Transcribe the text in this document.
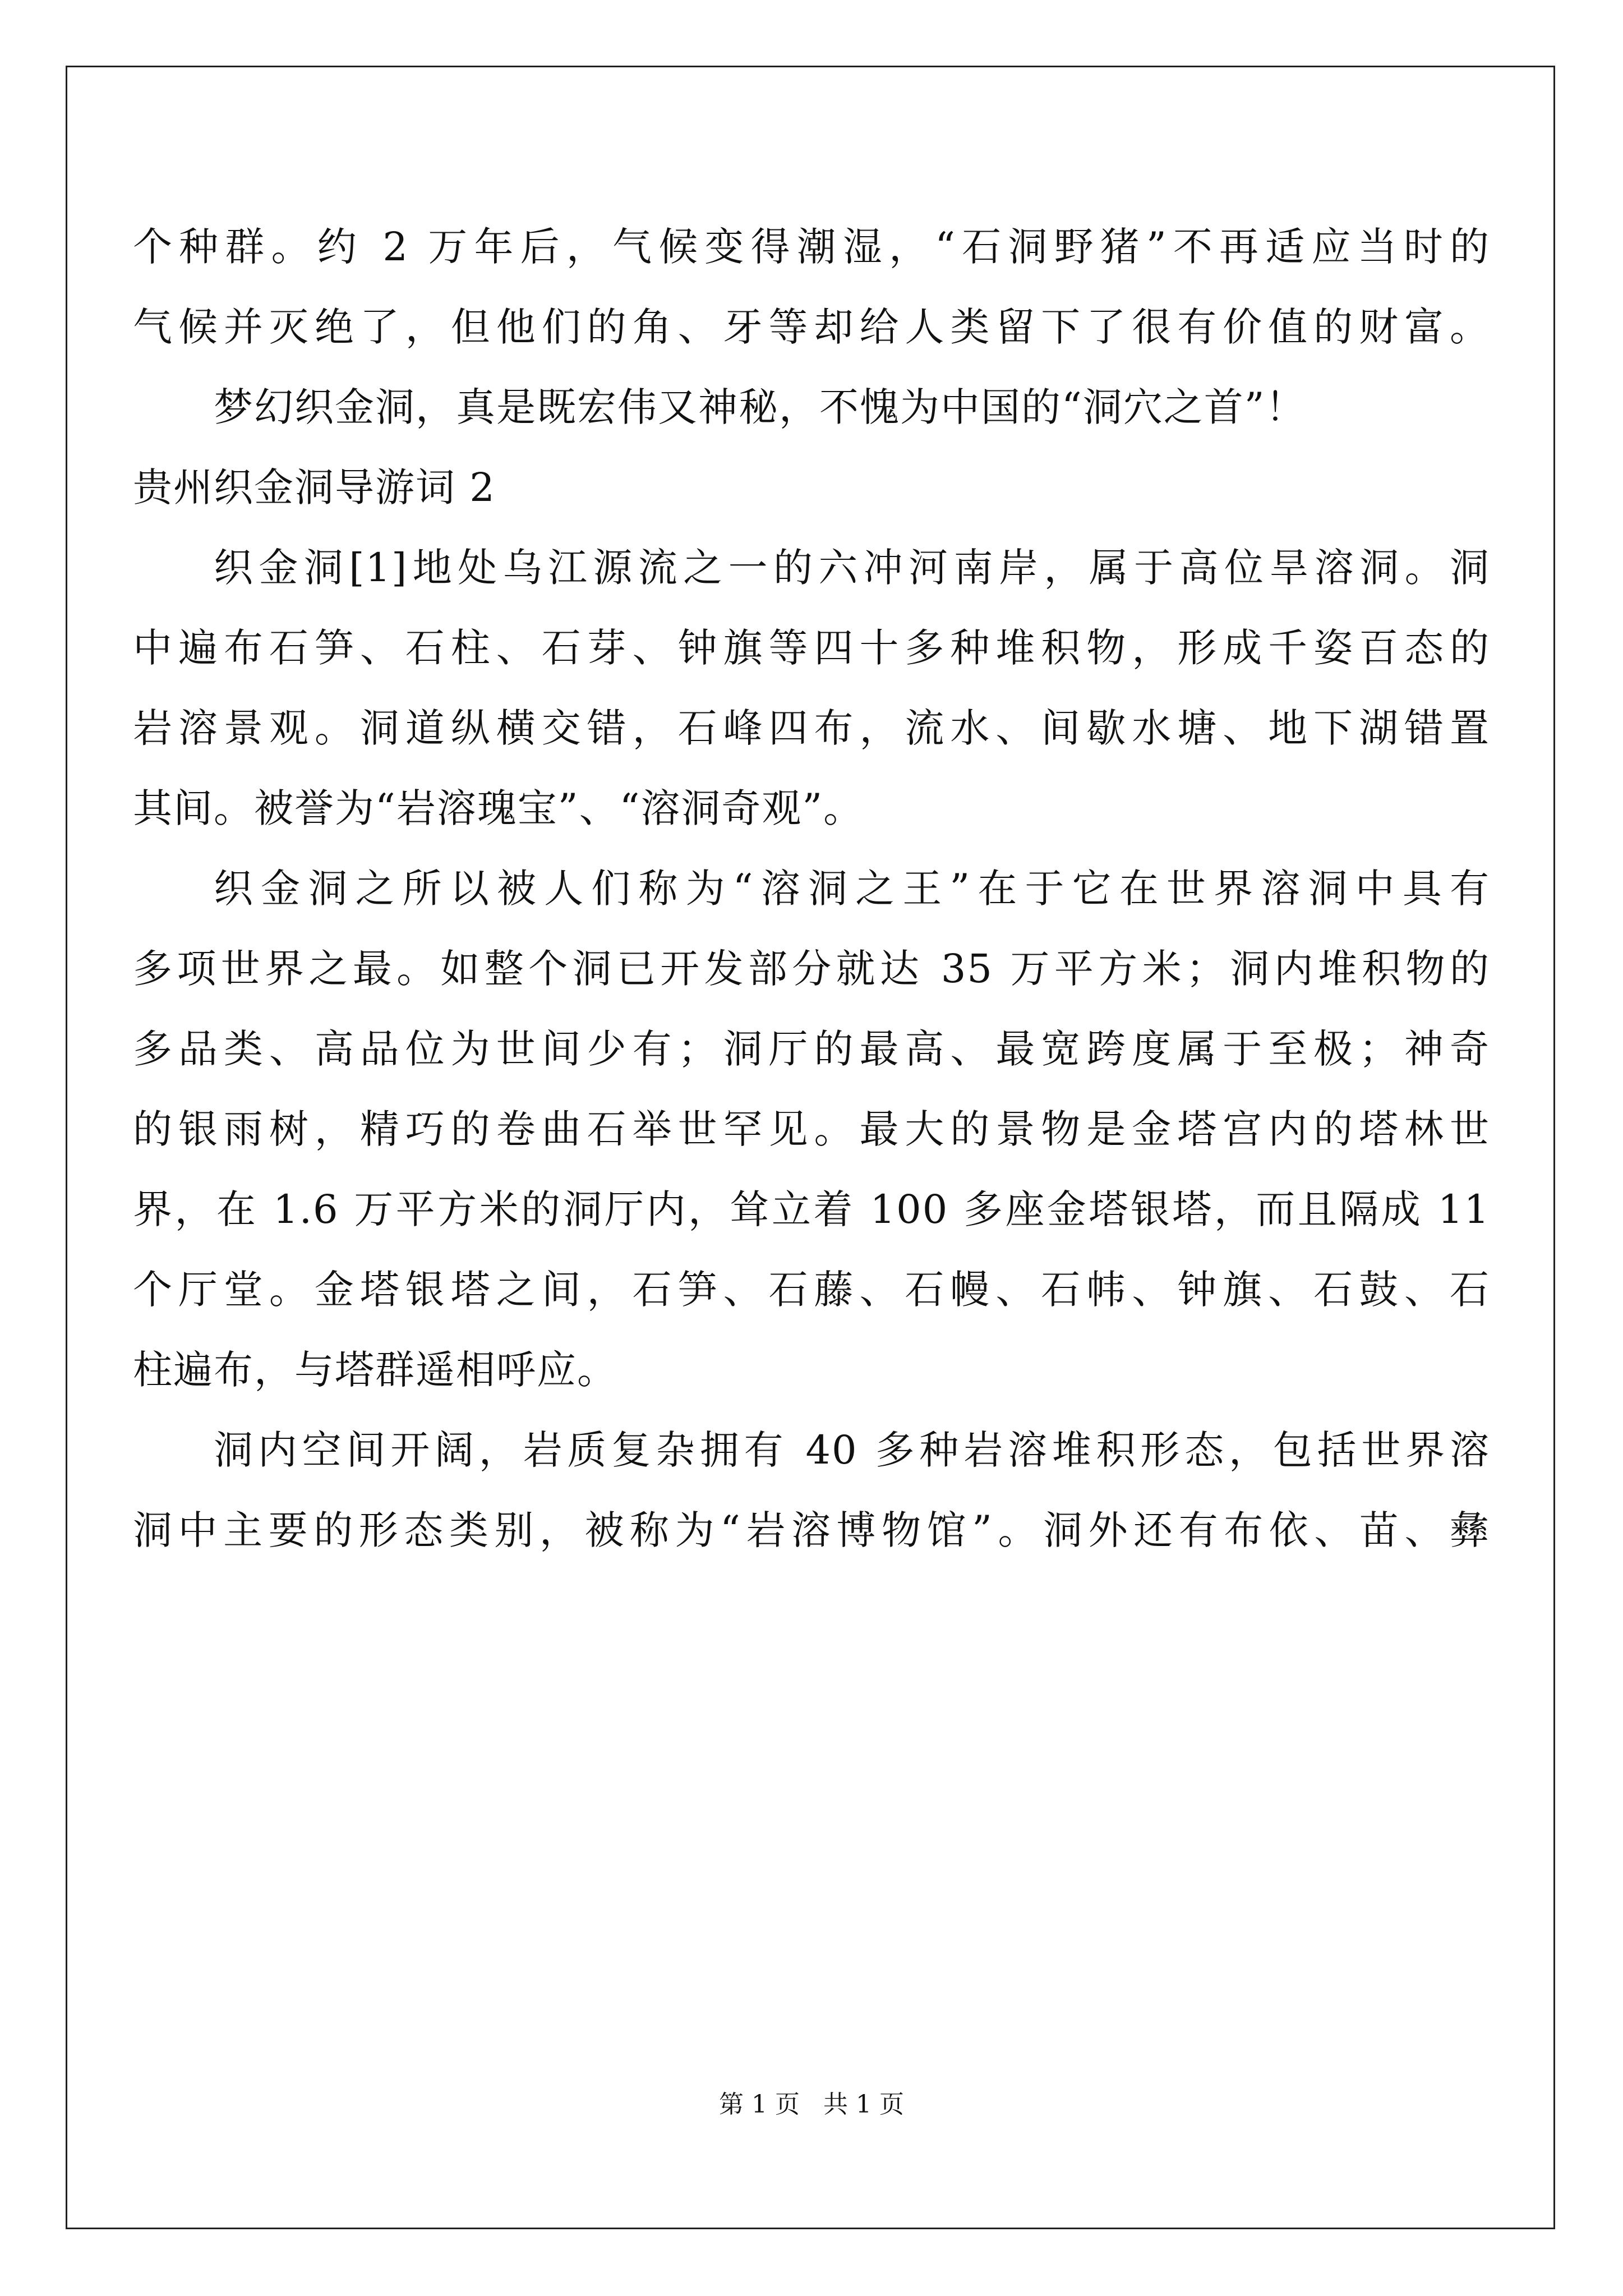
个种群。约 2 万年后，气候变得潮湿，“石洞野猪”不再适应当时的
气候并灭绝了，但他们的角、牙等却给人类留下了很有价值的财富。
梦幻织金洞，真是既宏伟又神秘，不愧为中国的“洞穴之首”！
贵州织金洞导游词 2
织金洞[1]地处乌江源流之一的六冲河南岸，属于高位旱溶洞。洞
中遍布石笋、石柱、石芽、钟旗等四十多种堆积物，形成千姿百态的
岩溶景观。洞道纵横交错，石峰四布，流水、间歇水塘、地下湖错置
其间。被誉为“岩溶瑰宝”、“溶洞奇观”。
织金洞之所以被人们称为“溶洞之王”在于它在世界溶洞中具有
多项世界之最。如整个洞已开发部分就达 35 万平方米；洞内堆积物的
多品类、高品位为世间少有；洞厅的最高、最宽跨度属于至极；神奇
的银雨树，精巧的卷曲石举世罕见。最大的景物是金塔宫内的塔林世
界，在 1.6 万平方米的洞厅内，耸立着 100 多座金塔银塔，而且隔成 11
个厅堂。金塔银塔之间，石笋、石藤、石幔、石帏、钟旗、石鼓、石
柱遍布，与塔群遥相呼应。
洞内空间开阔，岩质复杂拥有 40 多种岩溶堆积形态，包括世界溶
洞中主要的形态类别，被称为“岩溶博物馆”。洞外还有布依、苗、彝
第 1 页   共 1 页
